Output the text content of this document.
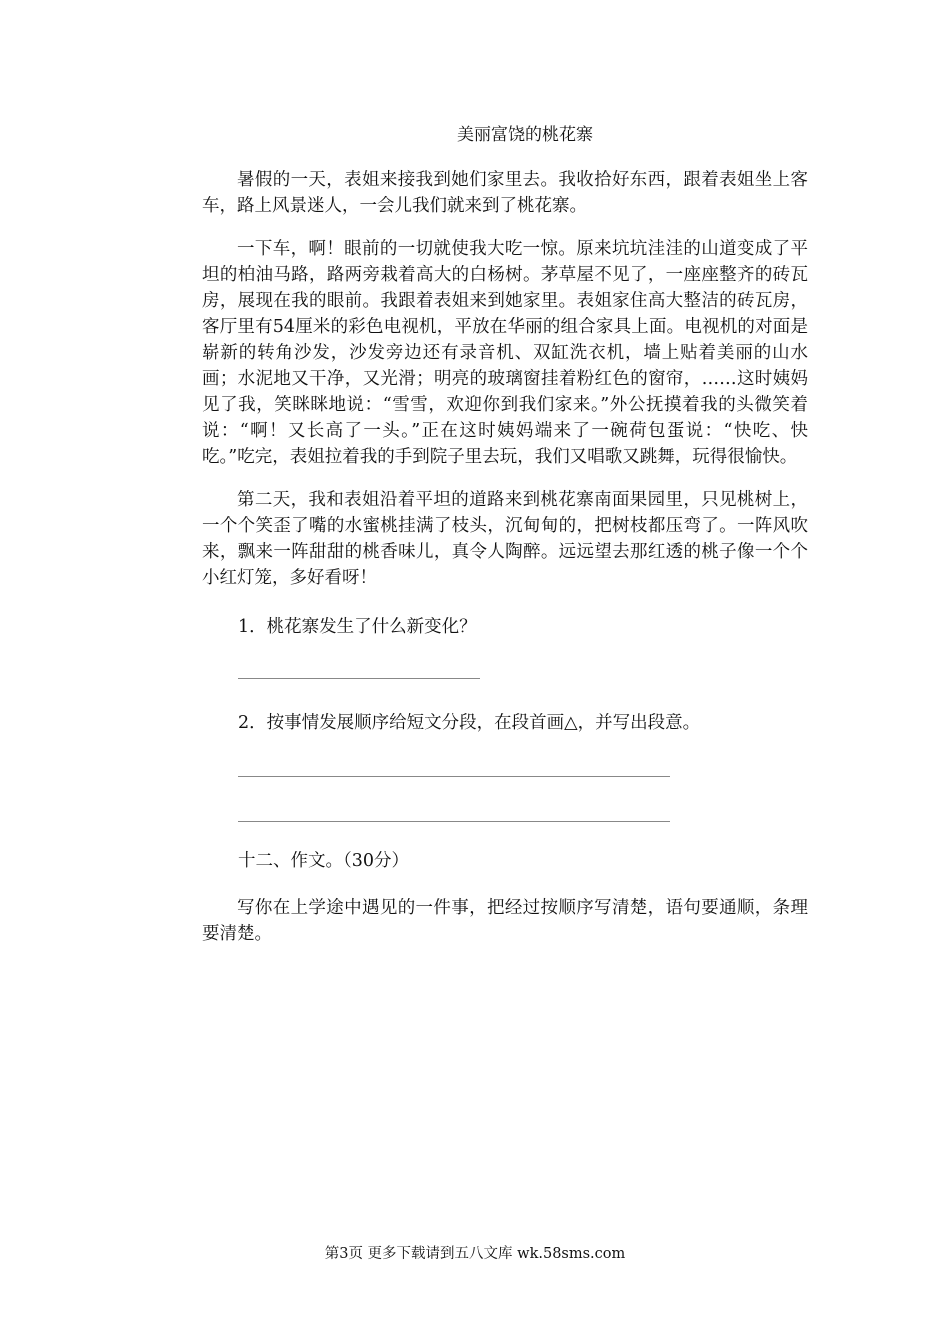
美丽富饶的桃花寨

暑假的一天，表姐来接我到她们家里去。我收拾好东西，跟着表姐坐上客车，路上风景迷人，一会儿我们就来到了桃花寨。

一下车，啊！眼前的一切就使我大吃一惊。原来坑坑洼洼的山道变成了平坦的柏油马路，路两旁栽着高大的白杨树。茅草屋不见了，一座座整齐的砖瓦房，展现在我的眼前。我跟着表姐来到她家里。表姐家住高大整洁的砖瓦房，客厅里有54厘米的彩色电视机，平放在华丽的组合家具上面。电视机的对面是崭新的转角沙发，沙发旁边还有录音机、双缸洗衣机，墙上贴着美丽的山水画；水泥地又干净，又光滑；明亮的玻璃窗挂着粉红色的窗帘，……这时姨妈见了我，笑眯眯地说：“雪雪，欢迎你到我们家来。”外公抚摸着我的头微笑着说：“啊！又长高了一头。”正在这时姨妈端来了一碗荷包蛋说：“快吃、快吃。”吃完，表姐拉着我的手到院子里去玩，我们又唱歌又跳舞，玩得很愉快。

第二天，我和表姐沿着平坦的道路来到桃花寨南面果园里，只见桃树上，一个个笑歪了嘴的水蜜桃挂满了枝头，沉甸甸的，把树枝都压弯了。一阵风吹来，飘来一阵甜甜的桃香味儿，真令人陶醉。远远望去那红透的桃子像一个个小红灯笼，多好看呀！

1．桃花寨发生了什么新变化？

2．按事情发展顺序给短文分段，在段首画△，并写出段意。

十二、作文。（30分）

写你在上学途中遇见的一件事，把经过按顺序写清楚，语句要通顺，条理要清楚。

第3页 更多下载请到五八文库 wk.58sms.com
